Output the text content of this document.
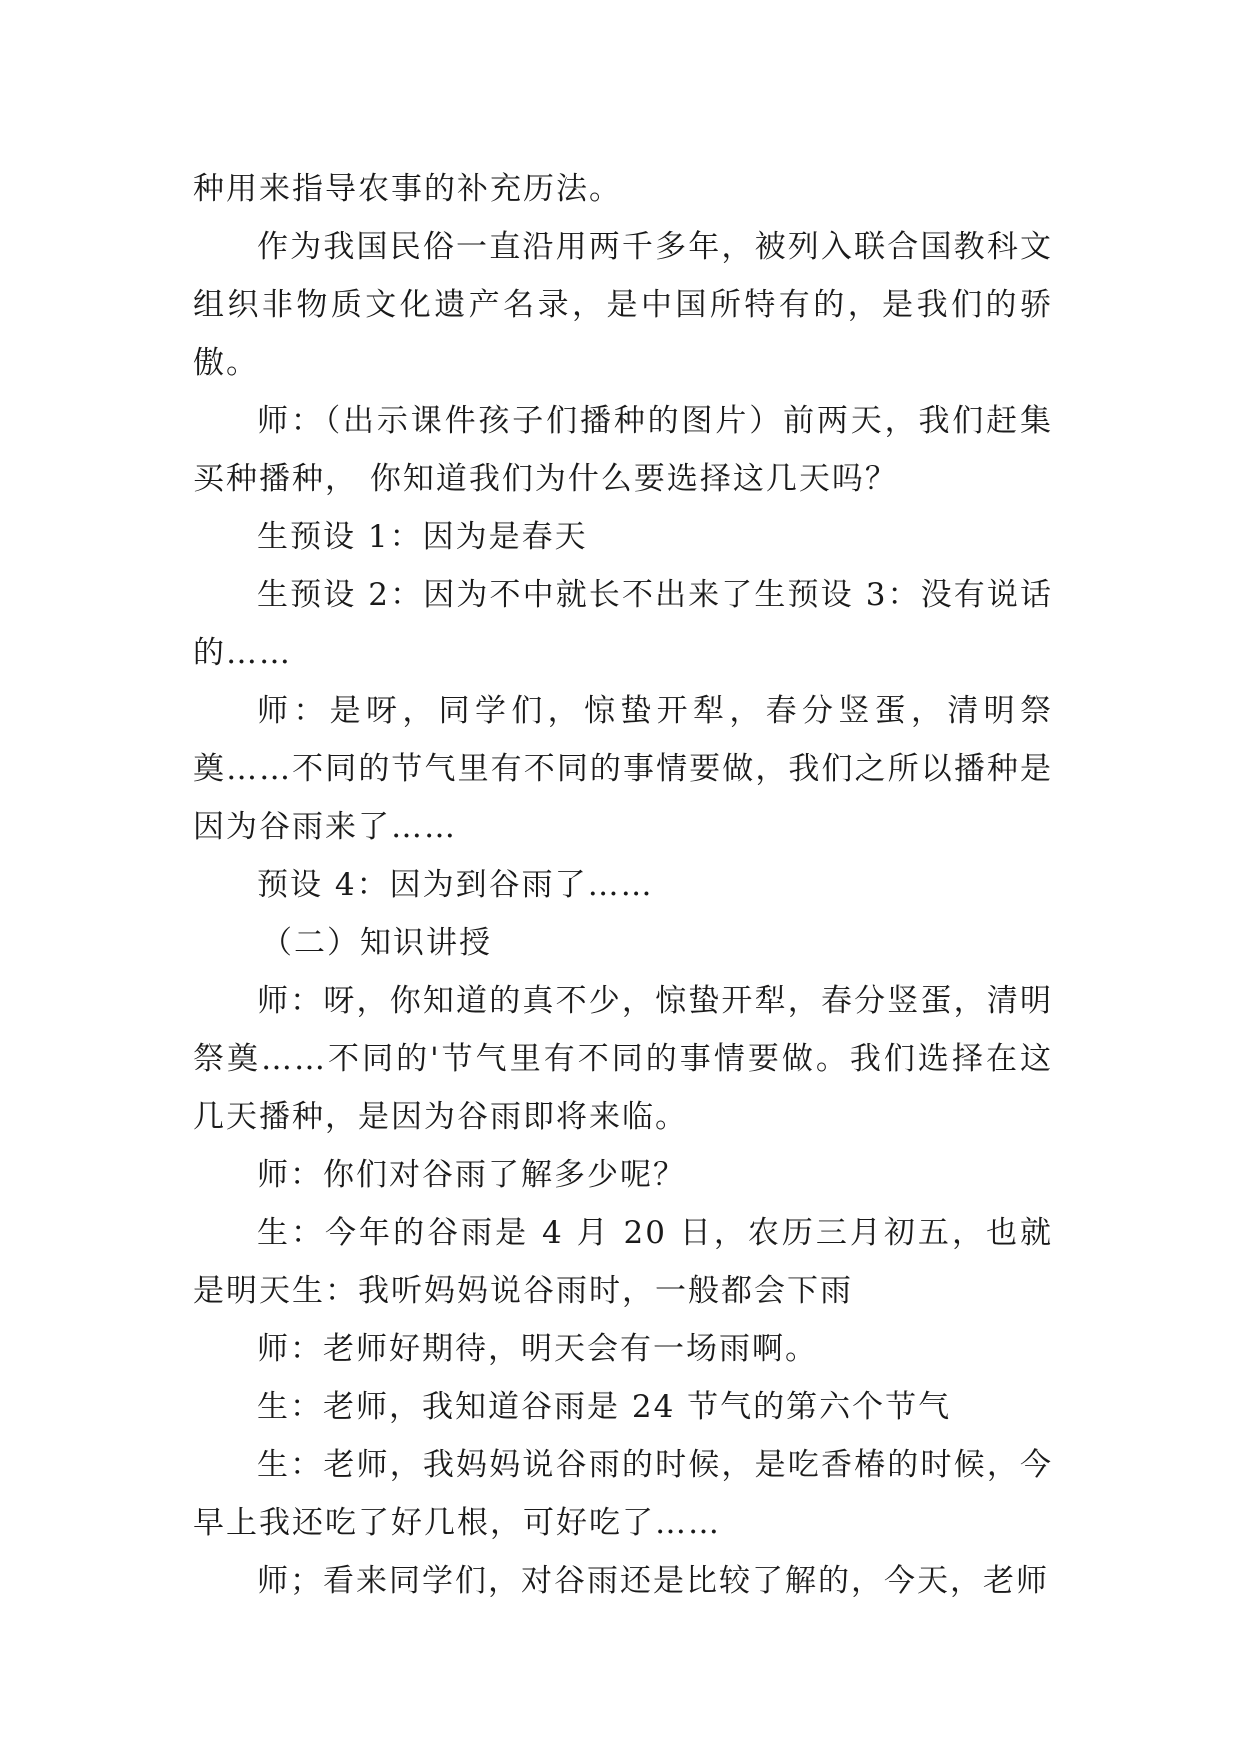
种用来指导农事的补充历法。

作为我国民俗一直沿用两千多年，被列入联合国教科文组织非物质文化遗产名录，是中国所特有的，是我们的骄傲。

师：（出示课件孩子们播种的图片）前两天，我们赶集买种播种， 你知道我们为什么要选择这几天吗？

生预设 1：因为是春天

生预设 2：因为不中就长不出来了生预设 3：没有说话的……

师：是呀，同学们，惊蛰开犁，春分竖蛋，清明祭奠……不同的节气里有不同的事情要做，我们之所以播种是因为谷雨来了……

预设 4：因为到谷雨了……

（二）知识讲授

师：呀，你知道的真不少，惊蛰开犁，春分竖蛋，清明祭奠……不同的'节气里有不同的事情要做。我们选择在这几天播种，是因为谷雨即将来临。

师：你们对谷雨了解多少呢？

生：今年的谷雨是 4 月 20 日，农历三月初五，也就是明天生：我听妈妈说谷雨时，一般都会下雨

师：老师好期待，明天会有一场雨啊。

生：老师，我知道谷雨是 24 节气的第六个节气

生：老师，我妈妈说谷雨的时候，是吃香椿的时候，今早上我还吃了好几根，可好吃了……

师；看来同学们，对谷雨还是比较了解的，今天，老师
